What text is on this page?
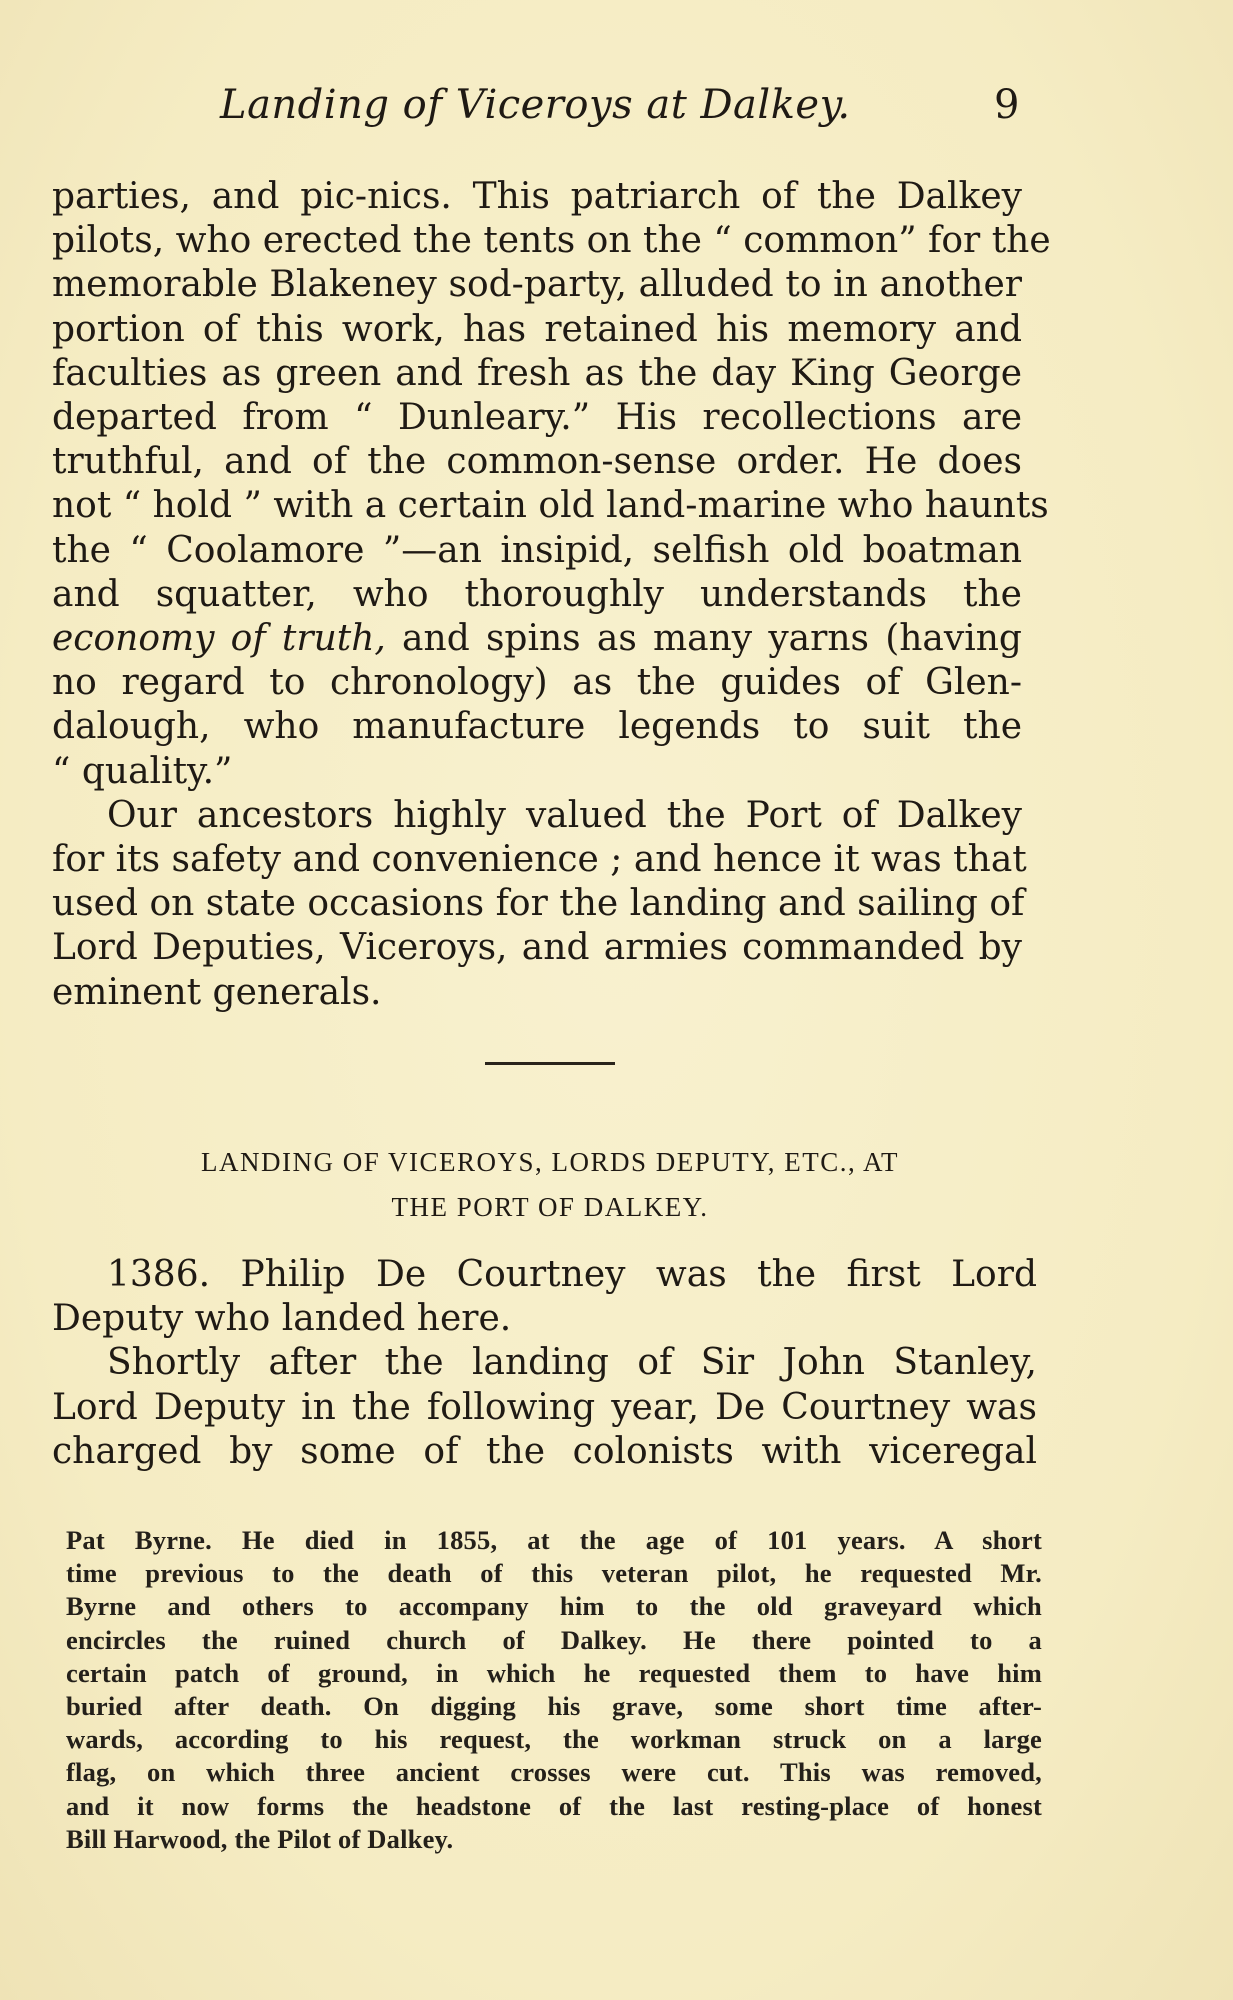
Landing of Viceroys at Dalkey.	9
parties, and pic-nics. This patriarch of the Dalkey
pilots, who erected the tents on the “ common” for the
memorable Blakeney sod-party, alluded to in another
portion of this work, has retained his memory and
faculties as green and fresh as the day King George
departed from “ Dunleary.” His recollections are
truthful, and of the common-sense order. He does
not “ hold ” with a certain old land-marine who haunts
the “ Coolamore ”—an insipid, selfish old boatman
and squatter, who thoroughly understands the
economy of truth, and spins as many yarns (having
no regard to chronology) as the guides of Glen-
dalough, who manufacture legends to suit the
“ quality.”
Our ancestors highly valued the Port of Dalkey
for its safety and convenience ; and hence it was that
used on state occasions for the landing and sailing of
Lord Deputies, Viceroys, and armies commanded by
eminent generals.
LANDING OF VICEROYS, LORDS DEPUTY, ETC., AT
THE PORT OF DALKEY.
1386. Philip De Courtney was the first Lord
Deputy who landed here.
Shortly after the landing of Sir John Stanley,
Lord Deputy in the following year, De Courtney was
charged by some of the colonists with viceregal
Pat Byrne. He died in 1855, at the age of 101 years. A short
time previous to the death of this veteran pilot, he requested Mr.
Byrne and others to accompany him to the old graveyard which
encircles the ruined church of Dalkey. He there pointed to a
certain patch of ground, in which he requested them to have him
buried after death. On digging his grave, some short time after-
wards, according to his request, the workman struck on a large
flag, on which three ancient crosses were cut. This was removed,
and it now forms the headstone of the last resting-place of honest
Bill Harwood, the Pilot of Dalkey.
